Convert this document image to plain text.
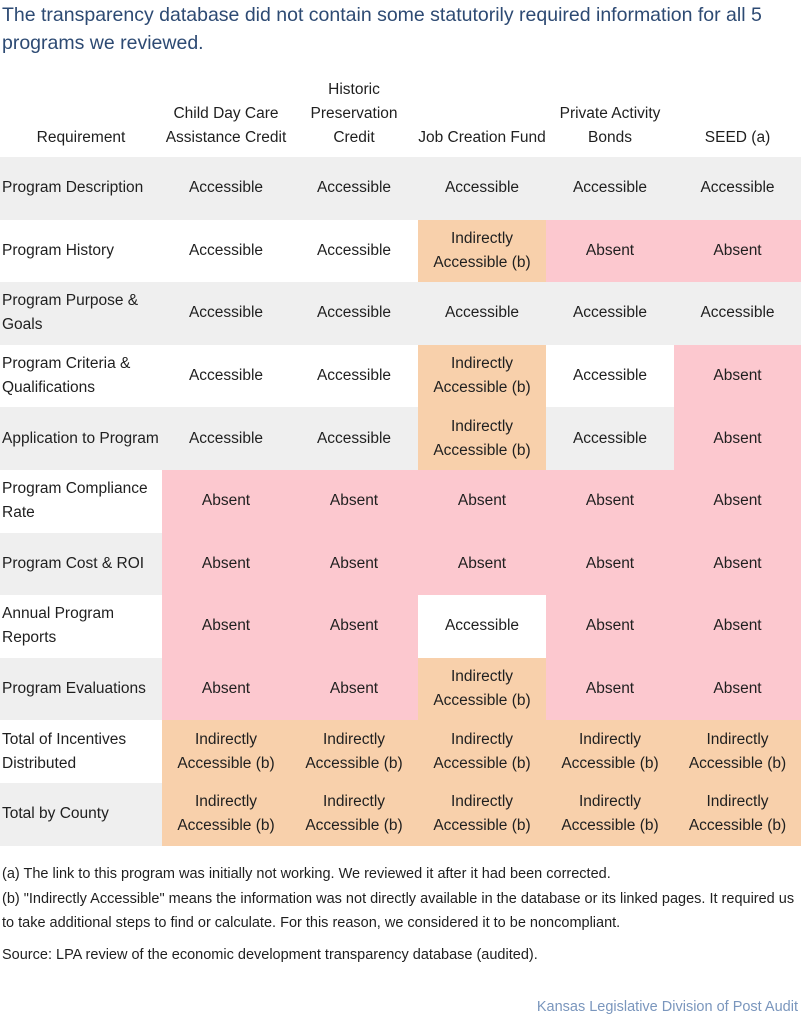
The transparency database did not contain some statutorily required information for all 5 programs we reviewed.
Requirement	Child Day Care Assistance Credit	Historic Preservation Credit	Job Creation Fund	Private Activity Bonds	SEED (a)
Program Description	Accessible	Accessible	Accessible	Accessible	Accessible
Program History	Accessible	Accessible	Indirectly Accessible (b)	Absent	Absent
Program Purpose & Goals	Accessible	Accessible	Accessible	Accessible	Accessible
Program Criteria & Qualifications	Accessible	Accessible	Indirectly Accessible (b)	Accessible	Absent
Application to Program	Accessible	Accessible	Indirectly Accessible (b)	Accessible	Absent
Program Compliance Rate	Absent	Absent	Absent	Absent	Absent
Program Cost & ROI	Absent	Absent	Absent	Absent	Absent
Annual Program Reports	Absent	Absent	Accessible	Absent	Absent
Program Evaluations	Absent	Absent	Indirectly Accessible (b)	Absent	Absent
Total of Incentives Distributed	Indirectly Accessible (b)	Indirectly Accessible (b)	Indirectly Accessible (b)	Indirectly Accessible (b)	Indirectly Accessible (b)
Total by County	Indirectly Accessible (b)	Indirectly Accessible (b)	Indirectly Accessible (b)	Indirectly Accessible (b)	Indirectly Accessible (b)

(a) The link to this program was initially not working. We reviewed it after it had been corrected.

(b) "Indirectly Accessible" means the information was not directly available in the database or its linked pages. It required us to take additional steps to find or calculate. For this reason, we considered it to be noncompliant.

Source: LPA review of the economic development transparency database (audited).

Kansas Legislative Division of Post Audit
